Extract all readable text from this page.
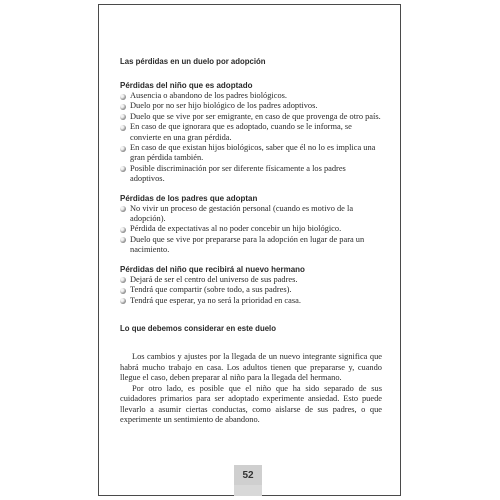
Las pérdidas en un duelo por adopción
Pérdidas del niño que es adoptado
Ausencia o abandono de los padres biológicos.
Duelo por no ser hijo biológico de los padres adoptivos.
Duelo que se vive por ser emigrante, en caso de que provenga de otro país.
En caso de que ignorara que es adoptado, cuando se le informa, se convierte en una gran pérdida.
En caso de que existan hijos biológicos, saber que él no lo es implica una gran pérdida también.
Posible discriminación por ser diferente físicamente a los padres adoptivos.
Pérdidas de los padres que adoptan
No vivir un proceso de gestación personal (cuando es motivo de la adopción).
Pérdida de expectativas al no poder concebir un hijo biológico.
Duelo que se vive por prepararse para la adopción en lugar de para un nacimiento.
Pérdidas del niño que recibirá al nuevo hermano
Dejará de ser el centro del universo de sus padres.
Tendrá que compartir (sobre todo, a sus padres).
Tendrá que esperar, ya no será la prioridad en casa.
Lo que debemos considerar en este duelo

Los cambios y ajustes por la llegada de un nuevo integrante significa que habrá mucho trabajo en casa. Los adultos tienen que prepararse y, cuando llegue el caso, deben preparar al niño para la llegada del hermano.

Por otro lado, es posible que el niño que ha sido separado de sus cuidadores primarios para ser adoptado experimente ansiedad. Esto puede llevarlo a asumir ciertas conductas, como aislarse de sus padres, o que experimente un sentimiento de abandono.

52
